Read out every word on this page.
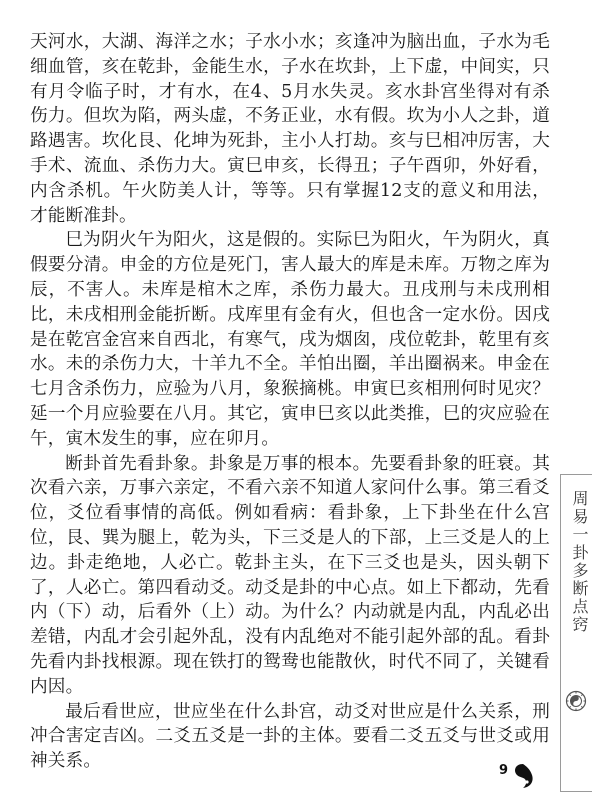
天河水，大湖、海洋之水；子水小水；亥逢冲为脑出血，子水为毛细血管，亥在乾卦，金能生水，子水在坎卦，上下虚，中间实，只有月令临子时，才有水，在4、5月水失灵。亥水卦宫坐得对有杀伤力。但坎为陷，两头虚，不务正业，水有假。坎为小人之卦，道路遇害。坎化艮、化坤为死卦，主小人打劫。亥与巳相冲厉害，大手术、流血、杀伤力大。寅巳申亥，长得丑；子午酉卯，外好看，内含杀机。午火防美人计，等等。只有掌握12支的意义和用法，才能断准卦。

巳为阴火午为阳火，这是假的。实际巳为阳火，午为阴火，真假要分清。申金的方位是死门，害人最大的库是未库。万物之库为辰，不害人。未库是棺木之库，杀伤力最大。丑戌刑与未戌刑相比，未戌相刑金能折断。戌库里有金有火，但也含一定水份。因戌是在乾宫金宫来自西北，有寒气，戌为烟囱，戌位乾卦，乾里有亥水。未的杀伤力大，十羊九不全。羊怕出圈，羊出圈祸来。申金在七月含杀伤力，应验为八月，象猴摘桃。申寅巳亥相刑何时见灾？延一个月应验要在八月。其它，寅申巳亥以此类推，巳的灾应验在午，寅木发生的事，应在卯月。

断卦首先看卦象。卦象是万事的根本。先要看卦象的旺衰。其次看六亲，万事六亲定，不看六亲不知道人家问什么事。第三看爻位，爻位看事情的高低。例如看病：看卦象，上下卦坐在什么宫位，艮、巽为腿上，乾为头，下三爻是人的下部，上三爻是人的上边。卦走绝地，人必亡。乾卦主头，在下三爻也是头，因头朝下了，人必亡。第四看动爻。动爻是卦的中心点。如上下都动，先看内（下）动，后看外（上）动。为什么？内动就是内乱，内乱必出差错，内乱才会引起外乱，没有内乱绝对不能引起外部的乱。看卦先看内卦找根源。现在铁打的鸳鸯也能散伙，时代不同了，关键看内因。

最后看世应，世应坐在什么卦宫，动爻对世应是什么关系，刑冲合害定吉凶。二爻五爻是一卦的主体。要看二爻五爻与世爻或用神关系。

周易一卦多断点窍
9
